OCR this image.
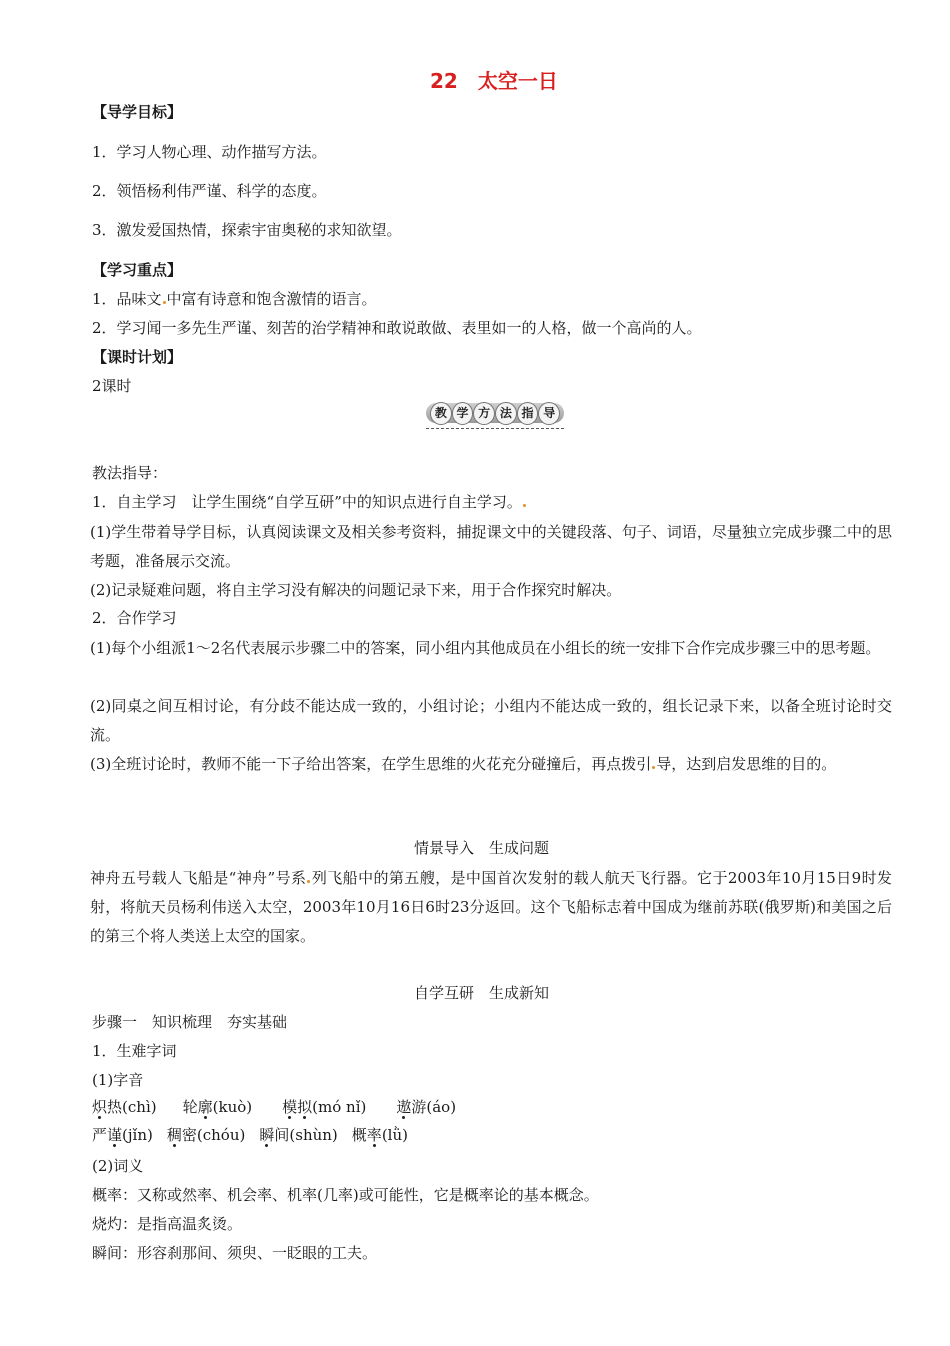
22　 太空一日
【导学目标】
1．学习人物心理、动作描写方法。
2．领悟杨利伟严谨、科学的态度。
3．激发爱国热情，探索宇宙奥秘的求知欲望。
【学习重点】
1．品味文 中富有诗意和饱含激情的语言。
2．学习闻一多先生严谨、刻苦的治学精神和敢说敢做、表里如一的人格，做一个高尚的人。
【课时计划】
2课时
教 学 方 法 指 导
教法指导：
1．自主学习　让学生围绕“自学互研”中的知识点进行自主学习。
(1)学生带着导学目标，认真阅读课文及相关参考资料，捕捉课文中的关键段落、句子、词语，尽量独立完成步骤二中的思考题，准备展示交流。
(2)记录疑难问题，将自主学习没有解决的问题记录下来，用于合作探究时解决。
2．合作学习
(1)每个小组派1～2名代表展示步骤二中的答案，同小组内其他成员在小组长的统一安排下合作完成步骤三中的思考题。
(2)同桌之间互相讨论，有分歧不能达成一致的，小组讨论；小组内不能达成一致的，组长记录下来，以备全班讨论时交流。
(3)全班讨论时，教师不能一下子给出答案，在学生思维的火花充分碰撞后，再点拨引 导，达到启发思维的目的。
情景导入　生成问题
神舟五号载人飞船是“神舟”号系 列飞船中的第五艘，是中国首次发射的载人航天飞行器。它于2003年10月15日9时发射，将航天员杨利伟送入太空，2003年10月16日6时23分返回。这个飞船标志着中国成为继前苏联(俄罗斯)和美国之后的第三个将人类送上太空的国家。
自学互研　生成新知
步骤一　知识梳理　夯实基础
1．生难字词
(1)字音
炽热(chì) 轮廓(kuò) 模拟(mó nǐ) 遨游(áo)
严谨(jǐn) 稠密(chóu) 瞬间(shùn) 概率(lǜ)
(2)词义
概率：又称或然率、机会率、机率(几率)或可能性，它是概率论的基本概念。
烧灼：是指高温炙烫。
瞬间：形容刹那间、须臾、一眨眼的工夫。
